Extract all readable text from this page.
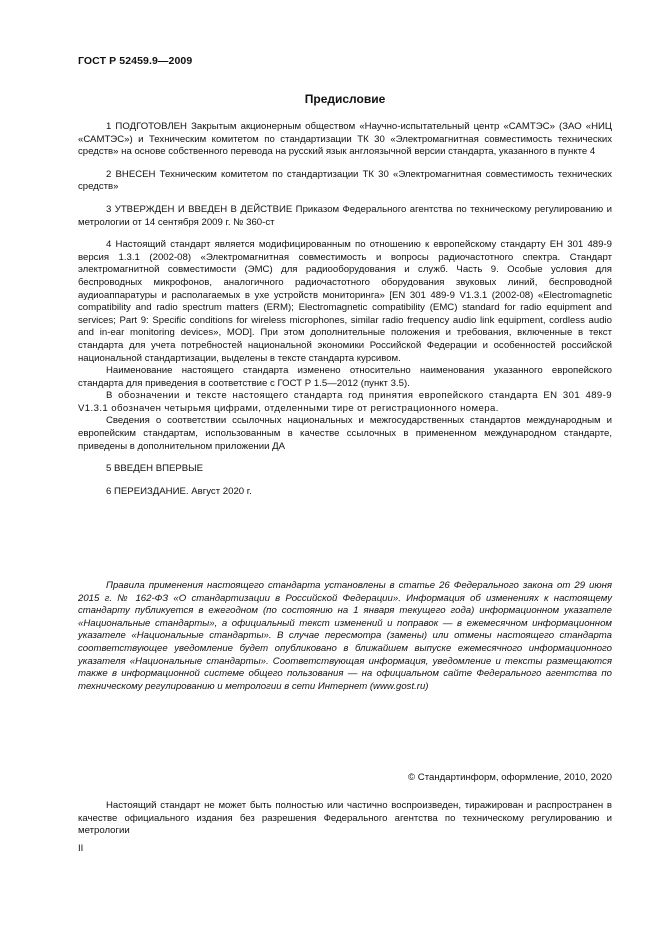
ГОСТ Р 52459.9—2009
Предисловие

1 ПОДГОТОВЛЕН Закрытым акционерным обществом «Научно-испытательный центр «САМТЭС» (ЗАО «НИЦ «САМТЭС») и Техническим комитетом по стандартизации ТК 30 «Электромагнитная совместимость технических средств» на основе собственного перевода на русский язык англоязычной версии стандарта, указанного в пункте 4

2 ВНЕСЕН Техническим комитетом по стандартизации ТК 30 «Электромагнитная совместимость технических средств»

3 УТВЕРЖДЕН И ВВЕДЕН В ДЕЙСТВИЕ Приказом Федерального агентства по техническому регулированию и метрологии от 14 сентября 2009 г. № 360-ст

4 Настоящий стандарт является модифицированным по отношению к европейскому стандарту ЕН 301 489-9 версия 1.3.1 (2002-08) «Электромагнитная совместимость и вопросы радиочастотного спектра. Стандарт электромагнитной совместимости (ЭМС) для радиооборудования и служб. Часть 9. Особые условия для беспроводных микрофонов, аналогичного радиочастотного оборудования звуковых линий, беспроводной аудиоаппаратуры и располагаемых в ухе устройств мониторинга» [EN 301 489-9 V1.3.1 (2002-08) «Electromagnetic compatibility and radio spectrum matters (ERM); Electromagnetic compatibility (EMC) standard for radio equipment and services; Part 9: Specific conditions for wireless microphones, similar radio frequency audio link equipment, cordless audio and in-ear monitoring devices», MOD]. При этом дополнительные положения и требования, включенные в текст стандарта для учета потребностей национальной экономики Российской Федерации и особенностей российской национальной стандартизации, выделены в тексте стандарта курсивом.

Наименование настоящего стандарта изменено относительно наименования указанного европейского стандарта для приведения в соответствие с ГОСТ Р 1.5—2012 (пункт 3.5).

В обозначении и тексте настоящего стандарта год принятия европейского стандарта EN 301 489-9 V1.3.1 обозначен четырьмя цифрами, отделенными тире от регистрационного номера.

Сведения о соответствии ссылочных национальных и межгосударственных стандартов международным и европейским стандартам, использованным в качестве ссылочных в примененном международном стандарте, приведены в дополнительном приложении ДА

5 ВВЕДЕН ВПЕРВЫЕ

6 ПЕРЕИЗДАНИЕ. Август 2020 г.

Правила применения настоящего стандарта установлены в статье 26 Федерального закона от 29 июня 2015 г. № 162-ФЗ «О стандартизации в Российской Федерации». Информация об изменениях к настоящему стандарту публикуется в ежегодном (по состоянию на 1 января текущего года) информационном указателе «Национальные стандарты», а официальный текст изменений и поправок — в ежемесячном информационном указателе «Национальные стандарты». В случае пересмотра (замены) или отмены настоящего стандарта соответствующее уведомление будет опубликовано в ближайшем выпуске ежемесячного информационного указателя «Национальные стандарты». Соответствующая информация, уведомление и тексты размещаются также в информационной системе общего пользования — на официальном сайте Федерального агентства по техническому регулированию и метрологии в сети Интернет (www.gost.ru)

© Стандартинформ, оформление, 2010, 2020

Настоящий стандарт не может быть полностью или частично воспроизведен, тиражирован и распространен в качестве официального издания без разрешения Федерального агентства по техническому регулированию и метрологии

II
